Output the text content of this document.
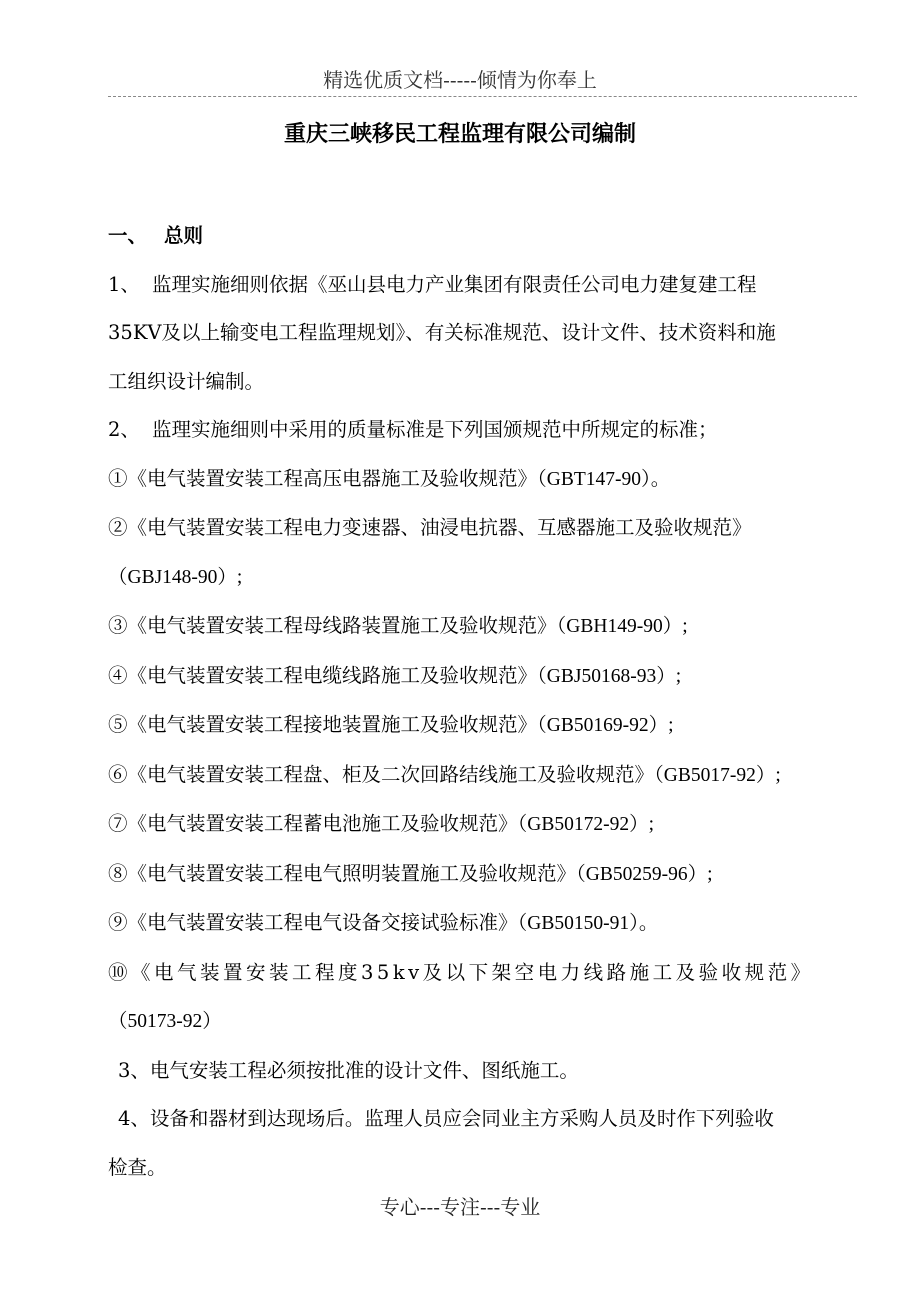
精选优质文档-----倾情为你奉上
重庆三峡移民工程监理有限公司编制

一、 总则

1、 监理实施细则依据《巫山县电力产业集团有限责任公司电力建复建工程

35KV及以上输变电工程监理规划》、有关标准规范、设计文件、技术资料和施

工组织设计编制。

2、 监理实施细则中采用的质量标准是下列国颁规范中所规定的标准；

①《电气装置安装工程高压电器施工及验收规范》（GBT147-90）。

②《电气装置安装工程电力变速器、油浸电抗器、互感器施工及验收规范》

（GBJ148-90）;

③《电气装置安装工程母线路装置施工及验收规范》（GBH149-90）;

④《电气装置安装工程电缆线路施工及验收规范》（GBJ50168-93）;

⑤《电气装置安装工程接地装置施工及验收规范》（GB50169-92）;

⑥《电气装置安装工程盘、柜及二次回路结线施工及验收规范》（GB5017-92）;

⑦《电气装置安装工程蓄电池施工及验收规范》（GB50172-92）;

⑧《电气装置安装工程电气照明装置施工及验收规范》（GB50259-96）;

⑨《电气装置安装工程电气设备交接试验标准》（GB50150-91）。

⑩《电气装置安装工程度35kv及以下架空电力线路施工及验收规范》

（50173-92）

3、电气安装工程必须按批准的设计文件、图纸施工。

4、设备和器材到达现场后。监理人员应会同业主方采购人员及时作下列验收

检查。

专心---专注---专业
